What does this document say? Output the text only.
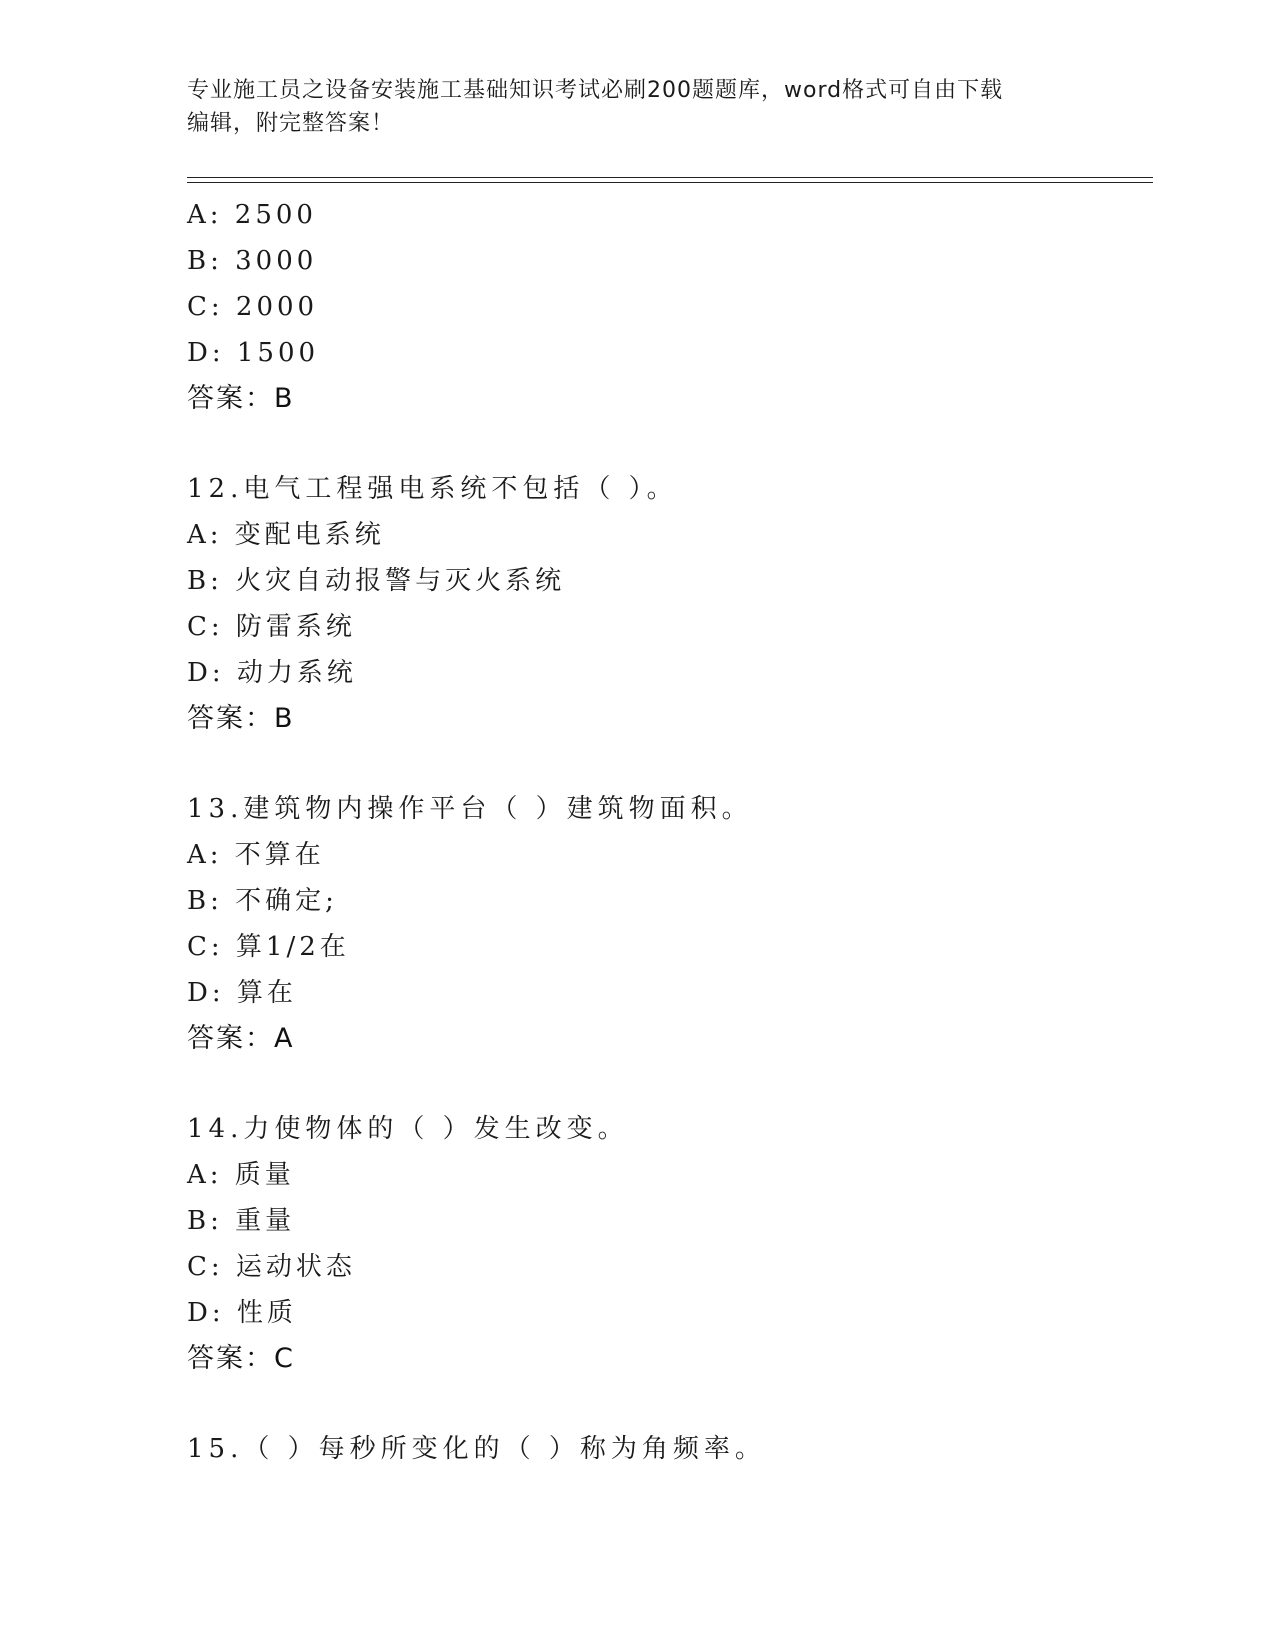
专业施工员之设备安装施工基础知识考试必刷200题题库，word格式可自由下载
编辑，附完整答案！
A: 2500
B: 3000
C: 2000
D: 1500
答案：B
12.电气工程强电系统不包括（ ）。
A: 变配电系统
B: 火灾自动报警与灭火系统
C: 防雷系统
D: 动力系统
答案：B
13.建筑物内操作平台（ ）建筑物面积。
A: 不算在
B: 不确定;
C: 算1/2在
D: 算在
答案：A
14.力使物体的（ ）发生改变。
A: 质量
B: 重量
C: 运动状态
D: 性质
答案：C
15.（ ）每秒所变化的（ ）称为角频率。
